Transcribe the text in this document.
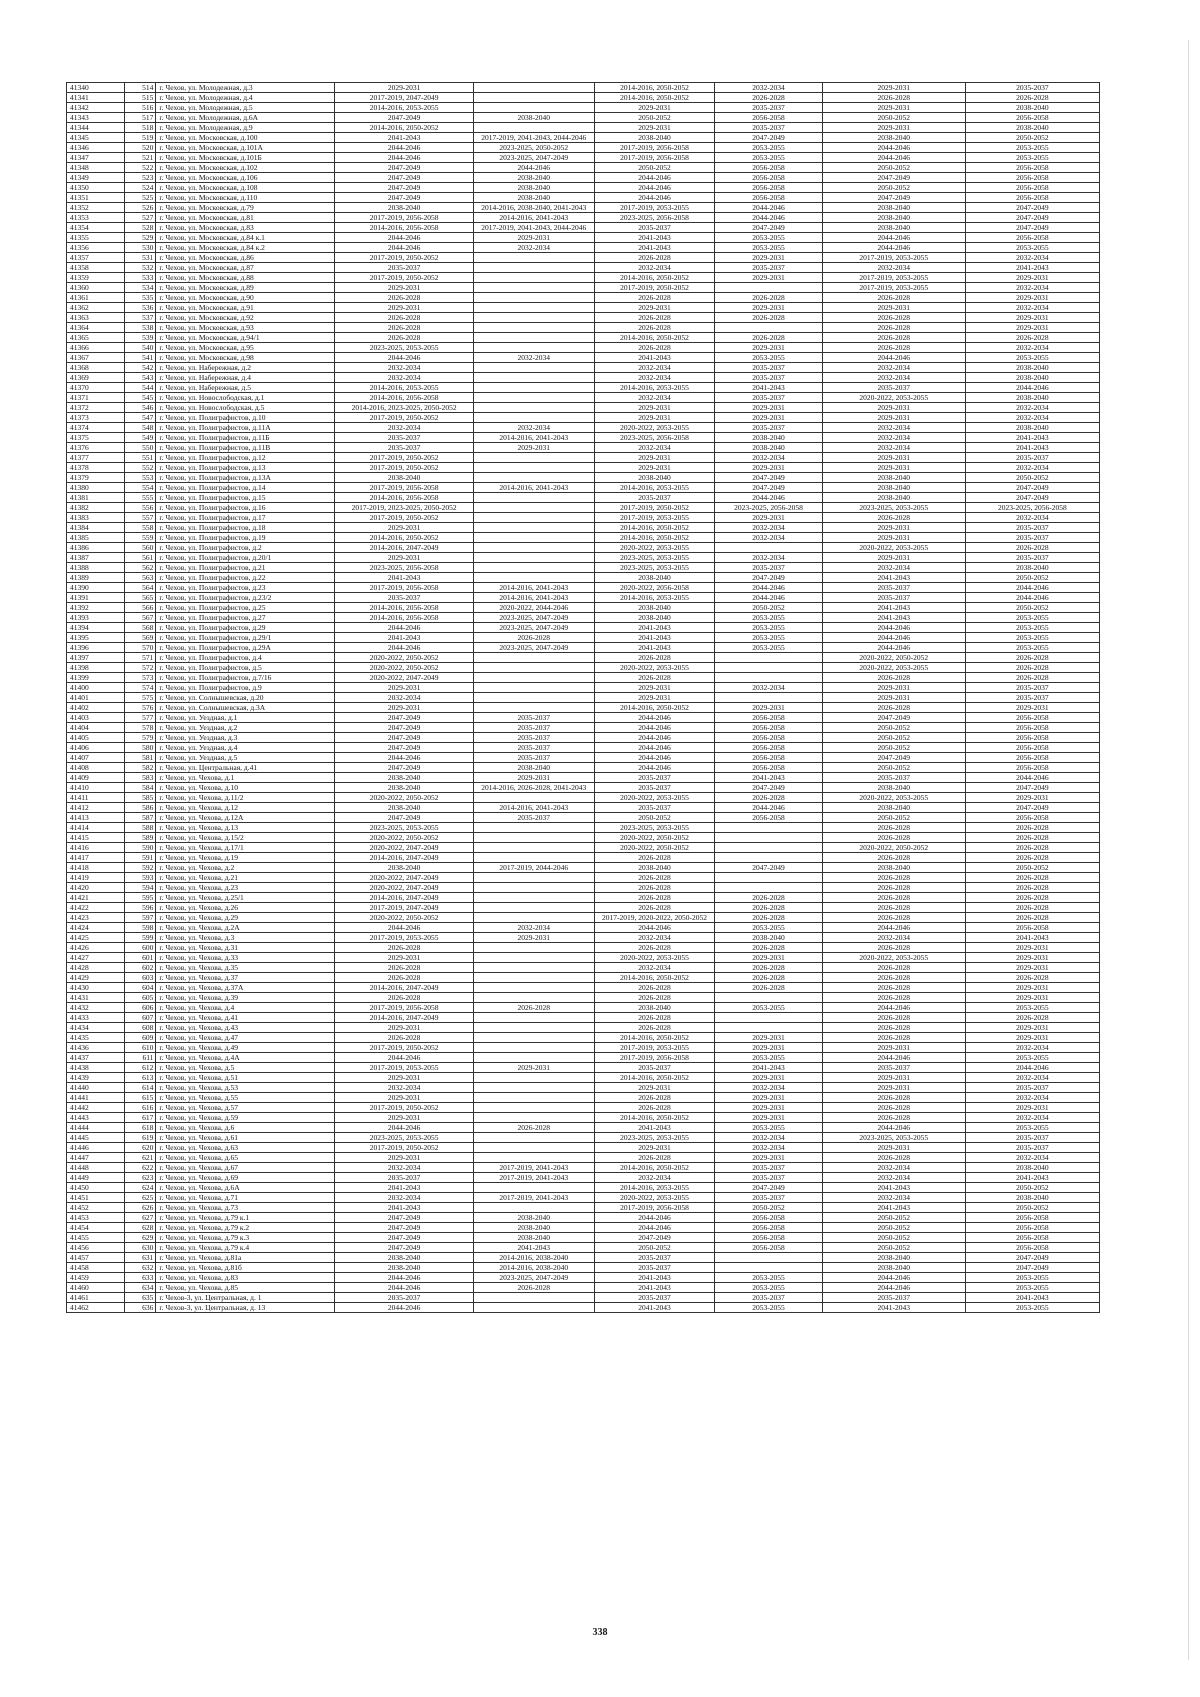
41340	514	г. Чехов, ул. Молодежная, д.3	2029-2031		2014-2016, 2050-2052	2032-2034	2029-2031	2035-2037
41341	515	г. Чехов, ул. Молодежная, д.4	2017-2019, 2047-2049		2014-2016, 2050-2052	2026-2028	2026-2028	2026-2028
41342	516	г. Чехов, ул. Молодежная, д.5	2014-2016, 2053-2055		2029-2031	2035-2037	2029-2031	2038-2040
41343	517	г. Чехов, ул. Молодежная, д.6А	2047-2049	2038-2040	2050-2052	2056-2058	2050-2052	2056-2058
41344	518	г. Чехов, ул. Молодежная, д.9	2014-2016, 2050-2052		2029-2031	2035-2037	2029-2031	2038-2040
41345	519	г. Чехов, ул. Московская, д.100	2041-2043	2017-2019, 2041-2043, 2044-2046	2038-2040	2047-2049	2038-2040	2050-2052
41346	520	г. Чехов, ул. Московская, д.101А	2044-2046	2023-2025, 2050-2052	2017-2019, 2056-2058	2053-2055	2044-2046	2053-2055
41347	521	г. Чехов, ул. Московская, д.101Б	2044-2046	2023-2025, 2047-2049	2017-2019, 2056-2058	2053-2055	2044-2046	2053-2055
41348	522	г. Чехов, ул. Московская, д.102	2047-2049	2044-2046	2050-2052	2056-2058	2050-2052	2056-2058
41349	523	г. Чехов, ул. Московская, д.106	2047-2049	2038-2040	2044-2046	2056-2058	2047-2049	2056-2058
41350	524	г. Чехов, ул. Московская, д.108	2047-2049	2038-2040	2044-2046	2056-2058	2050-2052	2056-2058
41351	525	г. Чехов, ул. Московская, д.110	2047-2049	2038-2040	2044-2046	2056-2058	2047-2049	2056-2058
41352	526	г. Чехов, ул. Московская, д.79	2038-2040	2014-2016, 2038-2040, 2041-2043	2017-2019, 2053-2055	2044-2046	2038-2040	2047-2049
41353	527	г. Чехов, ул. Московская, д.81	2017-2019, 2056-2058	2014-2016, 2041-2043	2023-2025, 2056-2058	2044-2046	2038-2040	2047-2049
41354	528	г. Чехов, ул. Московская, д.83	2014-2016, 2056-2058	2017-2019, 2041-2043, 2044-2046	2035-2037	2047-2049	2038-2040	2047-2049
41355	529	г. Чехов, ул. Московская, д.84 к.1	2044-2046	2029-2031	2041-2043	2053-2055	2044-2046	2056-2058
41356	530	г. Чехов, ул. Московская, д.84 к.2	2044-2046	2032-2034	2041-2043	2053-2055	2044-2046	2053-2055
41357	531	г. Чехов, ул. Московская, д.86	2017-2019, 2050-2052		2026-2028	2029-2031	2017-2019, 2053-2055	2032-2034
41358	532	г. Чехов, ул. Московская, д.87	2035-2037		2032-2034	2035-2037	2032-2034	2041-2043
41359	533	г. Чехов, ул. Московская, д.88	2017-2019, 2050-2052		2014-2016, 2050-2052	2029-2031	2017-2019, 2053-2055	2029-2031
41360	534	г. Чехов, ул. Московская, д.89	2029-2031		2017-2019, 2050-2052		2017-2019, 2053-2055	2032-2034
41361	535	г. Чехов, ул. Московская, д.90	2026-2028		2026-2028	2026-2028	2026-2028	2029-2031
41362	536	г. Чехов, ул. Московская, д.91	2029-2031		2029-2031	2029-2031	2029-2031	2032-2034
41363	537	г. Чехов, ул. Московская, д.92	2026-2028		2026-2028	2026-2028	2026-2028	2029-2031
41364	538	г. Чехов, ул. Московская, д.93	2026-2028		2026-2028		2026-2028	2029-2031
41365	539	г. Чехов, ул. Московская, д.94/1	2026-2028		2014-2016, 2050-2052	2026-2028	2026-2028	2026-2028
41366	540	г. Чехов, ул. Московская, д.95	2023-2025, 2053-2055		2026-2028	2029-2031	2026-2028	2032-2034
41367	541	г. Чехов, ул. Московская, д.98	2044-2046	2032-2034	2041-2043	2053-2055	2044-2046	2053-2055
41368	542	г. Чехов, ул. Набережная, д.2	2032-2034		2032-2034	2035-2037	2032-2034	2038-2040
41369	543	г. Чехов, ул. Набережная, д.4	2032-2034		2032-2034	2035-2037	2032-2034	2038-2040
41370	544	г. Чехов, ул. Набережная, д.5	2014-2016, 2053-2055		2014-2016, 2053-2055	2041-2043	2035-2037	2044-2046
41371	545	г. Чехов, ул. Новослободская, д.1	2014-2016, 2056-2058		2032-2034	2035-2037	2020-2022, 2053-2055	2038-2040
41372	546	г. Чехов, ул. Новослободская, д.5	2014-2016, 2023-2025, 2050-2052		2029-2031	2029-2031	2029-2031	2032-2034
41373	547	г. Чехов, ул. Полиграфистов, д.10	2017-2019, 2050-2052		2029-2031	2029-2031	2029-2031	2032-2034
41374	548	г. Чехов, ул. Полиграфистов, д.11А	2032-2034	2032-2034	2020-2022, 2053-2055	2035-2037	2032-2034	2038-2040
41375	549	г. Чехов, ул. Полиграфистов, д.11Б	2035-2037	2014-2016, 2041-2043	2023-2025, 2056-2058	2038-2040	2032-2034	2041-2043
41376	550	г. Чехов, ул. Полиграфистов, д.11В	2035-2037	2029-2031	2032-2034	2038-2040	2032-2034	2041-2043
41377	551	г. Чехов, ул. Полиграфистов, д.12	2017-2019, 2050-2052		2029-2031	2032-2034	2029-2031	2035-2037
41378	552	г. Чехов, ул. Полиграфистов, д.13	2017-2019, 2050-2052		2029-2031	2029-2031	2029-2031	2032-2034
41379	553	г. Чехов, ул. Полиграфистов, д.13А	2038-2040		2038-2040	2047-2049	2038-2040	2050-2052
41380	554	г. Чехов, ул. Полиграфистов, д.14	2017-2019, 2056-2058	2014-2016, 2041-2043	2014-2016, 2053-2055	2047-2049	2038-2040	2047-2049
41381	555	г. Чехов, ул. Полиграфистов, д.15	2014-2016, 2056-2058		2035-2037	2044-2046	2038-2040	2047-2049
41382	556	г. Чехов, ул. Полиграфистов, д.16	2017-2019, 2023-2025, 2050-2052		2017-2019, 2050-2052	2023-2025, 2056-2058	2023-2025, 2053-2055	2023-2025, 2056-2058
41383	557	г. Чехов, ул. Полиграфистов, д.17	2017-2019, 2050-2052		2017-2019, 2053-2055	2029-2031	2026-2028	2032-2034
41384	558	г. Чехов, ул. Полиграфистов, д.18	2029-2031		2014-2016, 2050-2052	2032-2034	2029-2031	2035-2037
41385	559	г. Чехов, ул. Полиграфистов, д.19	2014-2016, 2050-2052		2014-2016, 2050-2052	2032-2034	2029-2031	2035-2037
41386	560	г. Чехов, ул. Полиграфистов, д.2	2014-2016, 2047-2049		2020-2022, 2053-2055		2020-2022, 2053-2055	2026-2028
41387	561	г. Чехов, ул. Полиграфистов, д.20/1	2029-2031		2023-2025, 2053-2055	2032-2034	2029-2031	2035-2037
41388	562	г. Чехов, ул. Полиграфистов, д.21	2023-2025, 2056-2058		2023-2025, 2053-2055	2035-2037	2032-2034	2038-2040
41389	563	г. Чехов, ул. Полиграфистов, д.22	2041-2043		2038-2040	2047-2049	2041-2043	2050-2052
41390	564	г. Чехов, ул. Полиграфистов, д.23	2017-2019, 2056-2058	2014-2016, 2041-2043	2020-2022, 2056-2058	2044-2046	2035-2037	2044-2046
41391	565	г. Чехов, ул. Полиграфистов, д.23/2	2035-2037	2014-2016, 2041-2043	2014-2016, 2053-2055	2044-2046	2035-2037	2044-2046
41392	566	г. Чехов, ул. Полиграфистов, д.25	2014-2016, 2056-2058	2020-2022, 2044-2046	2038-2040	2050-2052	2041-2043	2050-2052
41393	567	г. Чехов, ул. Полиграфистов, д.27	2014-2016, 2056-2058	2023-2025, 2047-2049	2038-2040	2053-2055	2041-2043	2053-2055
41394	568	г. Чехов, ул. Полиграфистов, д.29	2044-2046	2023-2025, 2047-2049	2041-2043	2053-2055	2044-2046	2053-2055
41395	569	г. Чехов, ул. Полиграфистов, д.29/1	2041-2043	2026-2028	2041-2043	2053-2055	2044-2046	2053-2055
41396	570	г. Чехов, ул. Полиграфистов, д.29А	2044-2046	2023-2025, 2047-2049	2041-2043	2053-2055	2044-2046	2053-2055
41397	571	г. Чехов, ул. Полиграфистов, д.4	2020-2022, 2050-2052		2026-2028		2020-2022, 2050-2052	2026-2028
41398	572	г. Чехов, ул. Полиграфистов, д.5	2020-2022, 2050-2052		2020-2022, 2053-2055		2020-2022, 2053-2055	2026-2028
41399	573	г. Чехов, ул. Полиграфистов, д.7/16	2020-2022, 2047-2049		2026-2028		2026-2028	2026-2028
41400	574	г. Чехов, ул. Полиграфистов, д.9	2029-2031		2029-2031	2032-2034	2029-2031	2035-2037
41401	575	г. Чехов, ул. Солнышевская, д.20	2032-2034		2029-2031		2029-2031	2035-2037
41402	576	г. Чехов, ул. Солнышевская, д.3А	2029-2031		2014-2016, 2050-2052	2029-2031	2026-2028	2029-2031
41403	577	г. Чехов, ул. Уездная, д.1	2047-2049	2035-2037	2044-2046	2056-2058	2047-2049	2056-2058
41404	578	г. Чехов, ул. Уездная, д.2	2047-2049	2035-2037	2044-2046	2056-2058	2050-2052	2056-2058
41405	579	г. Чехов, ул. Уездная, д.3	2047-2049	2035-2037	2044-2046	2056-2058	2050-2052	2056-2058
41406	580	г. Чехов, ул. Уездная, д.4	2047-2049	2035-2037	2044-2046	2056-2058	2050-2052	2056-2058
41407	581	г. Чехов, ул. Уездная, д.5	2044-2046	2035-2037	2044-2046	2056-2058	2047-2049	2056-2058
41408	582	г. Чехов, ул. Центральная, д.41	2047-2049	2038-2040	2044-2046	2056-2058	2050-2052	2056-2058
41409	583	г. Чехов, ул. Чехова, д.1	2038-2040	2029-2031	2035-2037	2041-2043	2035-2037	2044-2046
41410	584	г. Чехов, ул. Чехова, д.10	2038-2040	2014-2016, 2026-2028, 2041-2043	2035-2037	2047-2049	2038-2040	2047-2049
41411	585	г. Чехов, ул. Чехова, д.11/2	2020-2022, 2050-2052		2020-2022, 2053-2055	2026-2028	2020-2022, 2053-2055	2029-2031
41412	586	г. Чехов, ул. Чехова, д.12	2038-2040	2014-2016, 2041-2043	2035-2037	2044-2046	2038-2040	2047-2049
41413	587	г. Чехов, ул. Чехова, д.12А	2047-2049	2035-2037	2050-2052	2056-2058	2050-2052	2056-2058
41414	588	г. Чехов, ул. Чехова, д.13	2023-2025, 2053-2055		2023-2025, 2053-2055		2026-2028	2026-2028
41415	589	г. Чехов, ул. Чехова, д.15/2	2020-2022, 2050-2052		2020-2022, 2050-2052		2026-2028	2026-2028
41416	590	г. Чехов, ул. Чехова, д.17/1	2020-2022, 2047-2049		2020-2022, 2050-2052		2020-2022, 2050-2052	2026-2028
41417	591	г. Чехов, ул. Чехова, д.19	2014-2016, 2047-2049		2026-2028		2026-2028	2026-2028
41418	592	г. Чехов, ул. Чехова, д.2	2038-2040	2017-2019, 2044-2046	2038-2040	2047-2049	2038-2040	2050-2052
41419	593	г. Чехов, ул. Чехова, д.21	2020-2022, 2047-2049		2026-2028		2026-2028	2026-2028
41420	594	г. Чехов, ул. Чехова, д.23	2020-2022, 2047-2049		2026-2028		2026-2028	2026-2028
41421	595	г. Чехов, ул. Чехова, д.25/1	2014-2016, 2047-2049		2026-2028	2026-2028	2026-2028	2026-2028
41422	596	г. Чехов, ул. Чехова, д.26	2017-2019, 2047-2049		2026-2028	2026-2028	2026-2028	2026-2028
41423	597	г. Чехов, ул. Чехова, д.29	2020-2022, 2050-2052		2017-2019, 2020-2022, 2050-2052	2026-2028	2026-2028	2026-2028
41424	598	г. Чехов, ул. Чехова, д.2А	2044-2046	2032-2034	2044-2046	2053-2055	2044-2046	2056-2058
41425	599	г. Чехов, ул. Чехова, д.3	2017-2019, 2053-2055	2029-2031	2032-2034	2038-2040	2032-2034	2041-2043
41426	600	г. Чехов, ул. Чехова, д.31	2026-2028		2026-2028	2026-2028	2026-2028	2029-2031
41427	601	г. Чехов, ул. Чехова, д.33	2029-2031		2020-2022, 2053-2055	2029-2031	2020-2022, 2053-2055	2029-2031
41428	602	г. Чехов, ул. Чехова, д.35	2026-2028		2032-2034	2026-2028	2026-2028	2029-2031
41429	603	г. Чехов, ул. Чехова, д.37	2026-2028		2014-2016, 2050-2052	2026-2028	2026-2028	2026-2028
41430	604	г. Чехов, ул. Чехова, д.37А	2014-2016, 2047-2049		2026-2028	2026-2028	2026-2028	2029-2031
41431	605	г. Чехов, ул. Чехова, д.39	2026-2028		2026-2028		2026-2028	2029-2031
41432	606	г. Чехов, ул. Чехова, д.4	2017-2019, 2056-2058	2026-2028	2038-2040	2053-2055	2044-2046	2053-2055
41433	607	г. Чехов, ул. Чехова, д.41	2014-2016, 2047-2049		2026-2028		2026-2028	2026-2028
41434	608	г. Чехов, ул. Чехова, д.43	2029-2031		2026-2028		2026-2028	2029-2031
41435	609	г. Чехов, ул. Чехова, д.47	2026-2028		2014-2016, 2050-2052	2029-2031	2026-2028	2029-2031
41436	610	г. Чехов, ул. Чехова, д.49	2017-2019, 2050-2052		2017-2019, 2053-2055	2029-2031	2029-2031	2032-2034
41437	611	г. Чехов, ул. Чехова, д.4А	2044-2046		2017-2019, 2056-2058	2053-2055	2044-2046	2053-2055
41438	612	г. Чехов, ул. Чехова, д.5	2017-2019, 2053-2055	2029-2031	2035-2037	2041-2043	2035-2037	2044-2046
41439	613	г. Чехов, ул. Чехова, д.51	2029-2031		2014-2016, 2050-2052	2029-2031	2029-2031	2032-2034
41440	614	г. Чехов, ул. Чехова, д.53	2032-2034		2029-2031	2032-2034	2029-2031	2035-2037
41441	615	г. Чехов, ул. Чехова, д.55	2029-2031		2026-2028	2029-2031	2026-2028	2032-2034
41442	616	г. Чехов, ул. Чехова, д.57	2017-2019, 2050-2052		2026-2028	2029-2031	2026-2028	2029-2031
41443	617	г. Чехов, ул. Чехова, д.59	2029-2031		2014-2016, 2050-2052	2029-2031	2026-2028	2032-2034
41444	618	г. Чехов, ул. Чехова, д.6	2044-2046	2026-2028	2041-2043	2053-2055	2044-2046	2053-2055
41445	619	г. Чехов, ул. Чехова, д.61	2023-2025, 2053-2055		2023-2025, 2053-2055	2032-2034	2023-2025, 2053-2055	2035-2037
41446	620	г. Чехов, ул. Чехова, д.63	2017-2019, 2050-2052		2029-2031	2032-2034	2029-2031	2035-2037
41447	621	г. Чехов, ул. Чехова, д.65	2029-2031		2026-2028	2029-2031	2026-2028	2032-2034
41448	622	г. Чехов, ул. Чехова, д.67	2032-2034	2017-2019, 2041-2043	2014-2016, 2050-2052	2035-2037	2032-2034	2038-2040
41449	623	г. Чехов, ул. Чехова, д.69	2035-2037	2017-2019, 2041-2043	2032-2034	2035-2037	2032-2034	2041-2043
41450	624	г. Чехов, ул. Чехова, д.6А	2041-2043		2014-2016, 2053-2055	2047-2049	2041-2043	2050-2052
41451	625	г. Чехов, ул. Чехова, д.71	2032-2034	2017-2019, 2041-2043	2020-2022, 2053-2055	2035-2037	2032-2034	2038-2040
41452	626	г. Чехов, ул. Чехова, д.73	2041-2043		2017-2019, 2056-2058	2050-2052	2041-2043	2050-2052
41453	627	г. Чехов, ул. Чехова, д.79 к.1	2047-2049	2038-2040	2044-2046	2056-2058	2050-2052	2056-2058
41454	628	г. Чехов, ул. Чехова, д.79 к.2	2047-2049	2038-2040	2044-2046	2056-2058	2050-2052	2056-2058
41455	629	г. Чехов, ул. Чехова, д.79 к.3	2047-2049	2038-2040	2047-2049	2056-2058	2050-2052	2056-2058
41456	630	г. Чехов, ул. Чехова, д.79 к.4	2047-2049	2041-2043	2050-2052	2056-2058	2050-2052	2056-2058
41457	631	г. Чехов, ул. Чехова, д.81а	2038-2040	2014-2016, 2038-2040	2035-2037		2038-2040	2047-2049
41458	632	г. Чехов, ул. Чехова, д.81б	2038-2040	2014-2016, 2038-2040	2035-2037		2038-2040	2047-2049
41459	633	г. Чехов, ул. Чехова, д.83	2044-2046	2023-2025, 2047-2049	2041-2043	2053-2055	2044-2046	2053-2055
41460	634	г. Чехов, ул. Чехова, д.85	2044-2046	2026-2028	2041-2043	2053-2055	2044-2046	2053-2055
41461	635	г. Чехов-3, ул. Центральная, д. 1	2035-2037		2035-2037	2035-2037	2035-2037	2041-2043
41462	636	г. Чехов-3, ул. Центральная, д. 13	2044-2046		2041-2043	2053-2055	2041-2043	2053-2055
338
